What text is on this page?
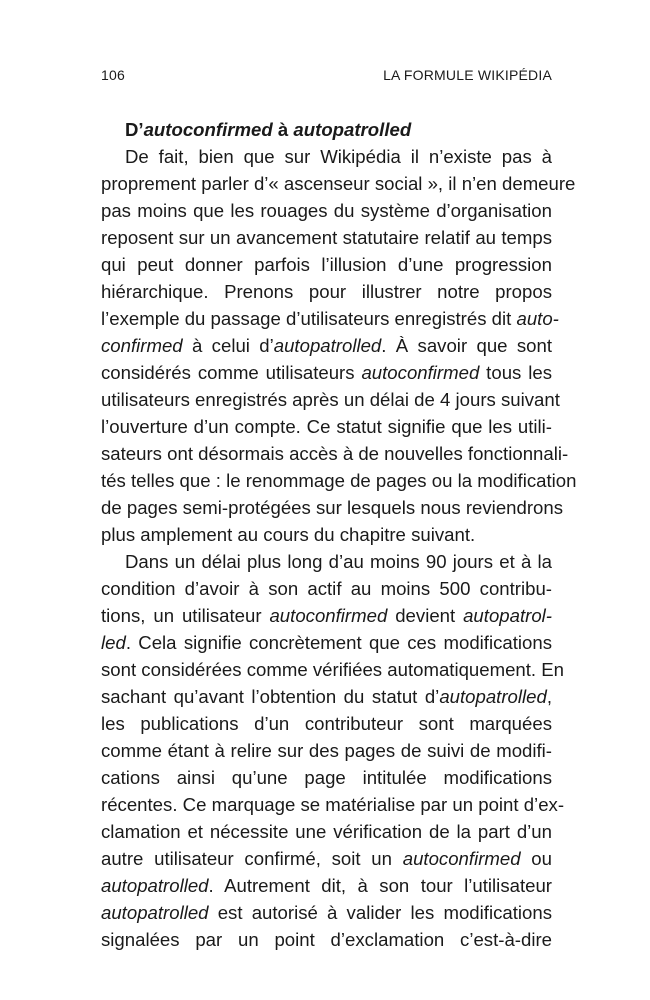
106	LA FORMULE WIKIPÉDIA
D’autoconfirmed à autopatrolled
De fait, bien que sur Wikipédia il n’existe pas à
proprement parler d’« ascenseur social », il n’en demeure
pas moins que les rouages du système d’organisation
reposent sur un avancement statutaire relatif au temps
qui peut donner parfois l’illusion d’une progression
hiérarchique. Prenons pour illustrer notre propos
l’exemple du passage d’utilisateurs enregistrés dit auto-
confirmed à celui d’autopatrolled. À savoir que sont
considérés comme utilisateurs autoconfirmed tous les
utilisateurs enregistrés après un délai de 4 jours suivant
l’ouverture d’un compte. Ce statut signifie que les utili-
sateurs ont désormais accès à de nouvelles fonctionnali-
tés telles que : le renommage de pages ou la modification
de pages semi-protégées sur lesquels nous reviendrons
plus amplement au cours du chapitre suivant.
Dans un délai plus long d’au moins 90 jours et à la
condition d’avoir à son actif au moins 500 contribu-
tions, un utilisateur autoconfirmed devient autopatrol-
led. Cela signifie concrètement que ces modifications
sont considérées comme vérifiées automatiquement. En
sachant qu’avant l’obtention du statut d’autopatrolled,
les publications d’un contributeur sont marquées
comme étant à relire sur des pages de suivi de modifi-
cations ainsi qu’une page intitulée modifications
récentes. Ce marquage se matérialise par un point d’ex-
clamation et nécessite une vérification de la part d’un
autre utilisateur confirmé, soit un autoconfirmed ou
autopatrolled. Autrement dit, à son tour l’utilisateur
autopatrolled est autorisé à valider les modifications
signalées par un point d’exclamation c’est-à-dire
